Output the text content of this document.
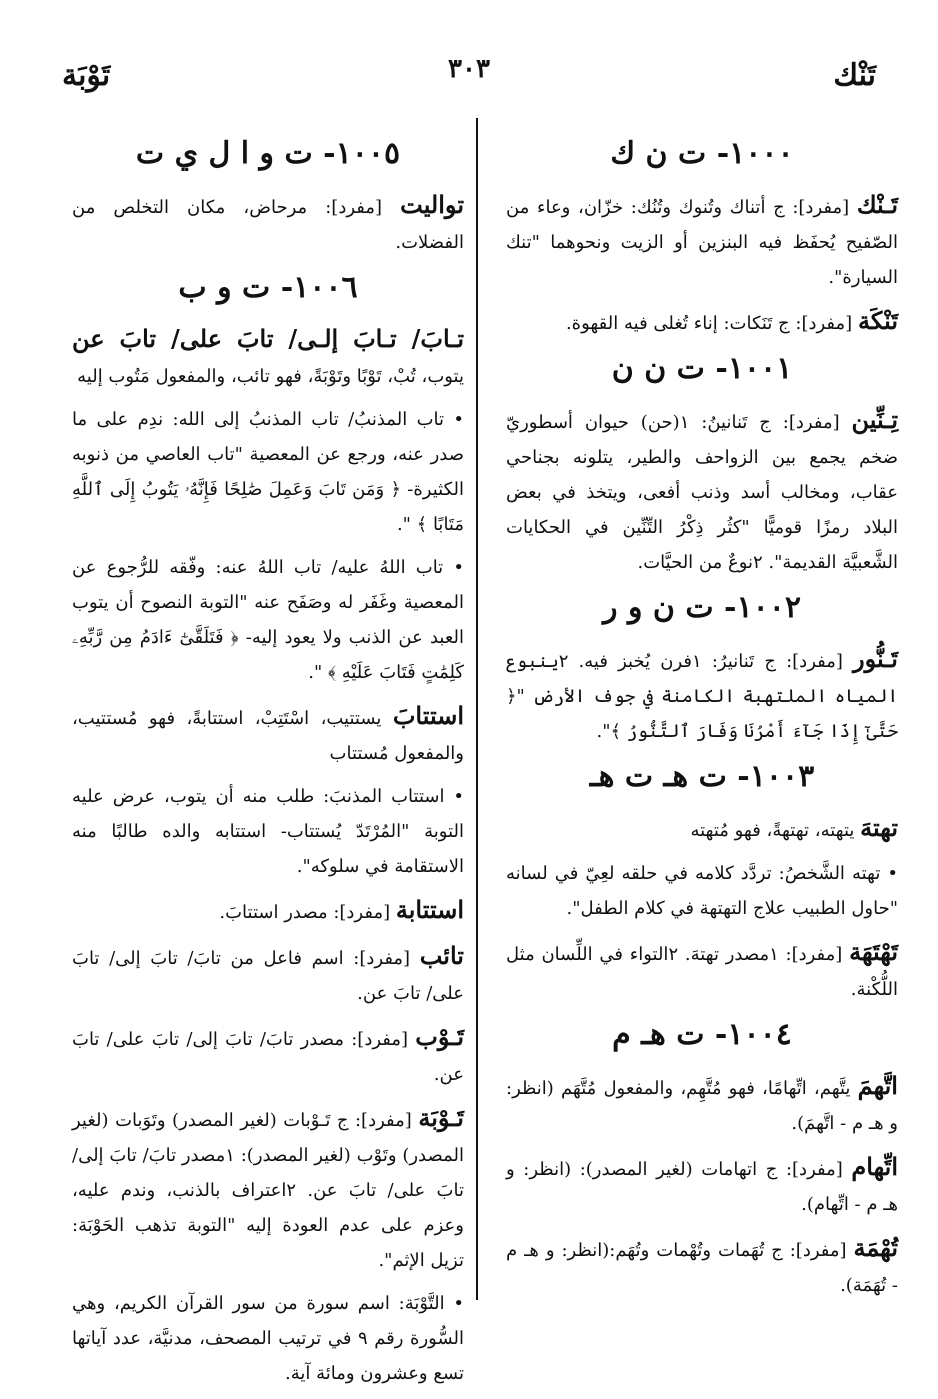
تَنْك
٣٠٣
تَوْبَة
١٠٠٠- ت ن ك

تَـنْك [مفرد]: ج أتناك وتُنوك وتُنُك: خزّان، وعاء من الصّفيح يُحفَظ فيه البنزين أو الزيت ونحوهما "تنك السيارة".

تَنْكَة [مفرد]: ج تَنَكات: إناء تُغلى فيه القهوة.

١٠٠١- ت ن ن

تِـنِّين [مفرد]: ج تَنانينُ: ١(حن) حيوان أسطوريّ ضخم يجمع بين الزواحف والطير، يتلونه بجناحي عقاب، ومخالب أسد وذنب أفعى، ويتخذ في بعض البلاد رمزًا قوميًّا "كثُر ذِكْرُ التِّنِّين في الحكايات الشَّعبيَّة القديمة". ٢نوعٌ من الحيَّات.

١٠٠٢- ت ن و ر

تَـنُّور [مفرد]: ج تَنانيرُ: ١فرن يُخبز فيه. ٢ينبوع المياه الملتهبة الكامنة في جوف الأرض "﴿ حَتَّىٰٓ إِذَا جَآءَ أَمْرُنَا وَفَارَ ٱلتَّنُّورُ ﴾".

١٠٠٣- ت هـ ت هـ

تهتهَ يتهته، تهتهةً، فهو مُتهته

• تهته الشَّخصُ: تردَّد كلامه في حلقه لعِيّ في لسانه "حاول الطبيب علاج التهتهة في كلام الطفل".

تَهْتَهَة [مفرد]: ١مصدر تهتهَ. ٢التواء في اللِّسان مثل اللُّكْنة.

١٠٠٤- ت هـ م

اتَّهمَ يتَّهم، اتِّهامًا، فهو مُتَّهِم، والمفعول مُتَّهَم (انظر: و هـ م - اتَّهمَ).

اتِّهام [مفرد]: ج اتهامات (لغير المصدر): (انظر: و هـ م - اتِّهام).

تُهْمَة [مفرد]: ج تُهَمات وتُهْمات وتُهَم:(انظر: و هـ م - تُهَمَة).

١٠٠٥- ت و ا ل ي ت

تواليت [مفرد]: مرحاض، مكان التخلص من الفضلات.

١٠٠٦- ت و ب

تـابَ/ تـابَ إلـى/ تابَ على/ تابَ عن يتوب، تُبْ، تَوْبًا وتَوْبَةً، فهو تائب، والمفعول مَتُوب إليه

• تاب المذنبُ/ تاب المذنبُ إلى الله: ندِم على ما صدر عنه، ورجع عن المعصية "تاب العاصي من ذنوبه الكثيرة- ﴿ وَمَن تَابَ وَعَمِلَ صَٰلِحًا فَإِنَّهُۥ يَتُوبُ إِلَى ٱللَّهِ مَتَابًا ﴾ ".

• تاب اللهُ عليه/ تاب اللهُ عنه: وفّقه للرُّجوع عن المعصية وغَفَر له وصَفَح عنه "التوبة النصوح أن يتوب العبد عن الذنب ولا يعود إليه- ﴿ فَتَلَقَّىٰٓ ءَادَمُ مِن رَّبِّهِۦ كَلِمَٰتٍ فَتَابَ عَلَيْهِ ﴾ ".

استتابَ يستتيب، اسْتَتِبْ، استتابةً، فهو مُستتيب، والمفعول مُستتاب

• استتاب المذنبَ: طلب منه أن يتوب، عرض عليه التوبة "المُرْتَدّ يُستتاب- استتابه والده طالبًا منه الاستقامة في سلوكه".

استتابة [مفرد]: مصدر استتابَ.

تائب [مفرد]: اسم فاعل من تابَ/ تابَ إلى/ تابَ على/ تابَ عن.

تَـوْب [مفرد]: مصدر تابَ/ تابَ إلى/ تابَ على/ تابَ عن.

تَـوْبَة [مفرد]: ج تَـوْبات (لغير المصدر) وتَوَبات (لغير المصدر) وتَوْب (لغير المصدر): ١مصدر تابَ/ تابَ إلى/ تابَ على/ تابَ عن. ٢اعتراف بالذنب، وندم عليه، وعزم على عدم العودة إليه "التوبة تذهب الحَوْبَة: تزيل الإثم".

• التَّوْبَة: اسم سورة من سور القرآن الكريم، وهي السُّورة رقم ٩ في ترتيب المصحف، مدنيَّة، عدد آياتها تسع وعشرون ومائة آية.
